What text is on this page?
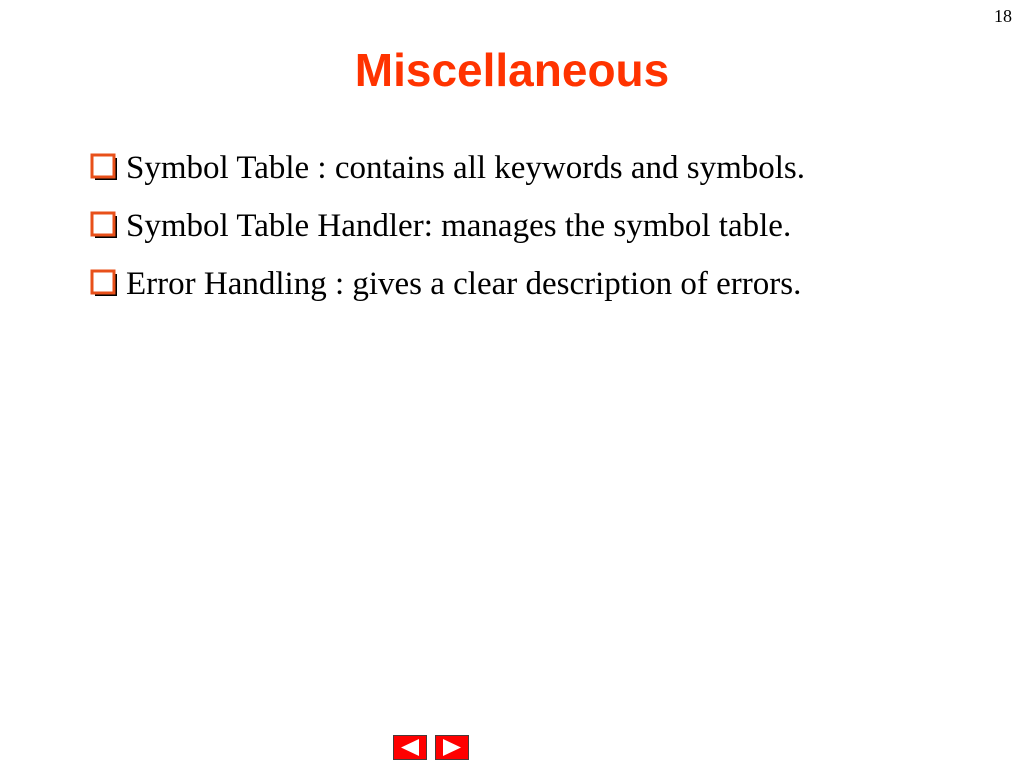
18
Miscellaneous
Symbol Table : contains all keywords and symbols.
Symbol Table Handler: manages the symbol table.
Error Handling : gives a clear description of errors.
